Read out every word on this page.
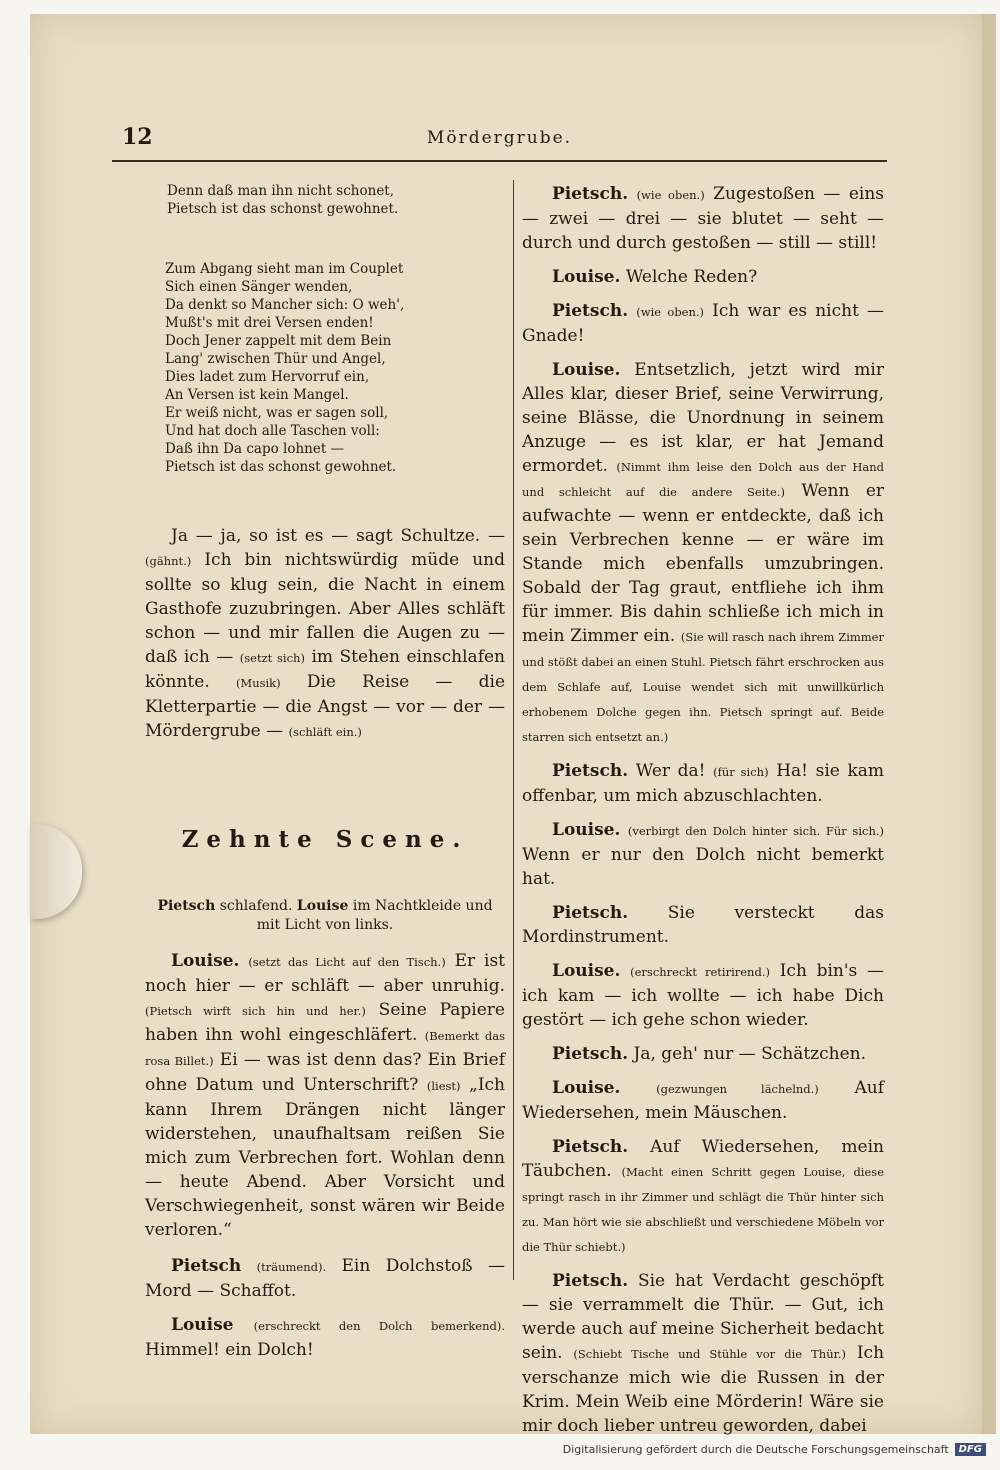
12	Mördergrube.
Denn daß man ihn nicht schonet,
Pietsch ist das schonst gewohnet.
Zum Abgang sieht man im Couplet
Sich einen Sänger wenden,
Da denkt so Mancher sich: O weh',
Mußt's mit drei Versen enden!
Doch Jener zappelt mit dem Bein
Lang' zwischen Thür und Angel,
Dies ladet zum Hervorruf ein,
An Versen ist kein Mangel.
Er weiß nicht, was er sagen soll,
Und hat doch alle Taschen voll:
Daß ihn Da capo lohnet —
Pietsch ist das schonst gewohnet.

Ja — ja, so ist es — sagt Schultze. — (gähnt.) Ich bin nichtswürdig müde und sollte so klug sein, die Nacht in einem Gasthofe zuzubringen. Aber Alles schläft schon — und mir fallen die Augen zu — daß ich — (setzt sich) im Stehen einschlafen könnte. (Musik) Die Reise — die Kletterpartie — die Angst — vor — der — Mördergrube — (schläft ein.)

Zehnte Scene.

Pietsch schlafend. Louise im Nachtkleide und mit Licht von links.

Louise. (setzt das Licht auf den Tisch.) Er ist noch hier — er schläft — aber unruhig. (Pietsch wirft sich hin und her.) Seine Papiere haben ihn wohl eingeschläfert. (Bemerkt das rosa Billet.) Ei — was ist denn das? Ein Brief ohne Datum und Unterschrift? (liest) „Ich kann Ihrem Drängen nicht länger widerstehen, unaufhaltsam reißen Sie mich zum Verbrechen fort. Wohlan denn — heute Abend. Aber Vorsicht und Verschwiegenheit, sonst wären wir Beide verloren.“

Pietsch (träumend). Ein Dolchstoß — Mord — Schaffot.

Louise (erschreckt den Dolch bemerkend). Himmel! ein Dolch!

Pietsch. (wie oben.) Zugestoßen — eins — zwei — drei — sie blutet — seht — durch und durch gestoßen — still — still!

Louise. Welche Reden?

Pietsch. (wie oben.) Ich war es nicht — Gnade!

Louise. Entsetzlich, jetzt wird mir Alles klar, dieser Brief, seine Verwirrung, seine Blässe, die Unordnung in seinem Anzuge — es ist klar, er hat Jemand ermordet. (Nimmt ihm leise den Dolch aus der Hand und schleicht auf die andere Seite.) Wenn er aufwachte — wenn er entdeckte, daß ich sein Verbrechen kenne — er wäre im Stande mich ebenfalls umzubringen. Sobald der Tag graut, entfliehe ich ihm für immer. Bis dahin schließe ich mich in mein Zimmer ein. (Sie will rasch nach ihrem Zimmer und stößt dabei an einen Stuhl. Pietsch fährt erschrocken aus dem Schlafe auf, Louise wendet sich mit unwillkürlich erhobenem Dolche gegen ihn. Pietsch springt auf. Beide starren sich entsetzt an.)

Pietsch. Wer da! (für sich) Ha! sie kam offenbar, um mich abzuschlachten.

Louise. (verbirgt den Dolch hinter sich. Für sich.) Wenn er nur den Dolch nicht bemerkt hat.

Pietsch. Sie versteckt das Mordinstrument.

Louise. (erschreckt retirirend.) Ich bin's — ich kam — ich wollte — ich habe Dich gestört — ich gehe schon wieder.

Pietsch. Ja, geh' nur — Schätzchen.

Louise.	(gezwungen lächelnd.) Auf Wiedersehen, mein Mäuschen.

Pietsch. Auf Wiedersehen, mein Täubchen. (Macht einen Schritt gegen Louise, diese springt rasch in ihr Zimmer und schlägt die Thür hinter sich zu. Man hört wie sie abschließt und verschiedene Möbeln vor die Thür schiebt.)

Pietsch. Sie hat Verdacht geschöpft — sie verrammelt die Thür. — Gut, ich werde auch auf meine Sicherheit bedacht sein. (Schiebt Tische und Stühle vor die Thür.) Ich verschanze mich wie die Russen in der Krim. Mein Weib eine Mörderin! Wäre sie mir doch lieber untreu geworden, dabei

Digitalisierung gefördert durch die Deutsche Forschungsgemeinschaft	DFG
